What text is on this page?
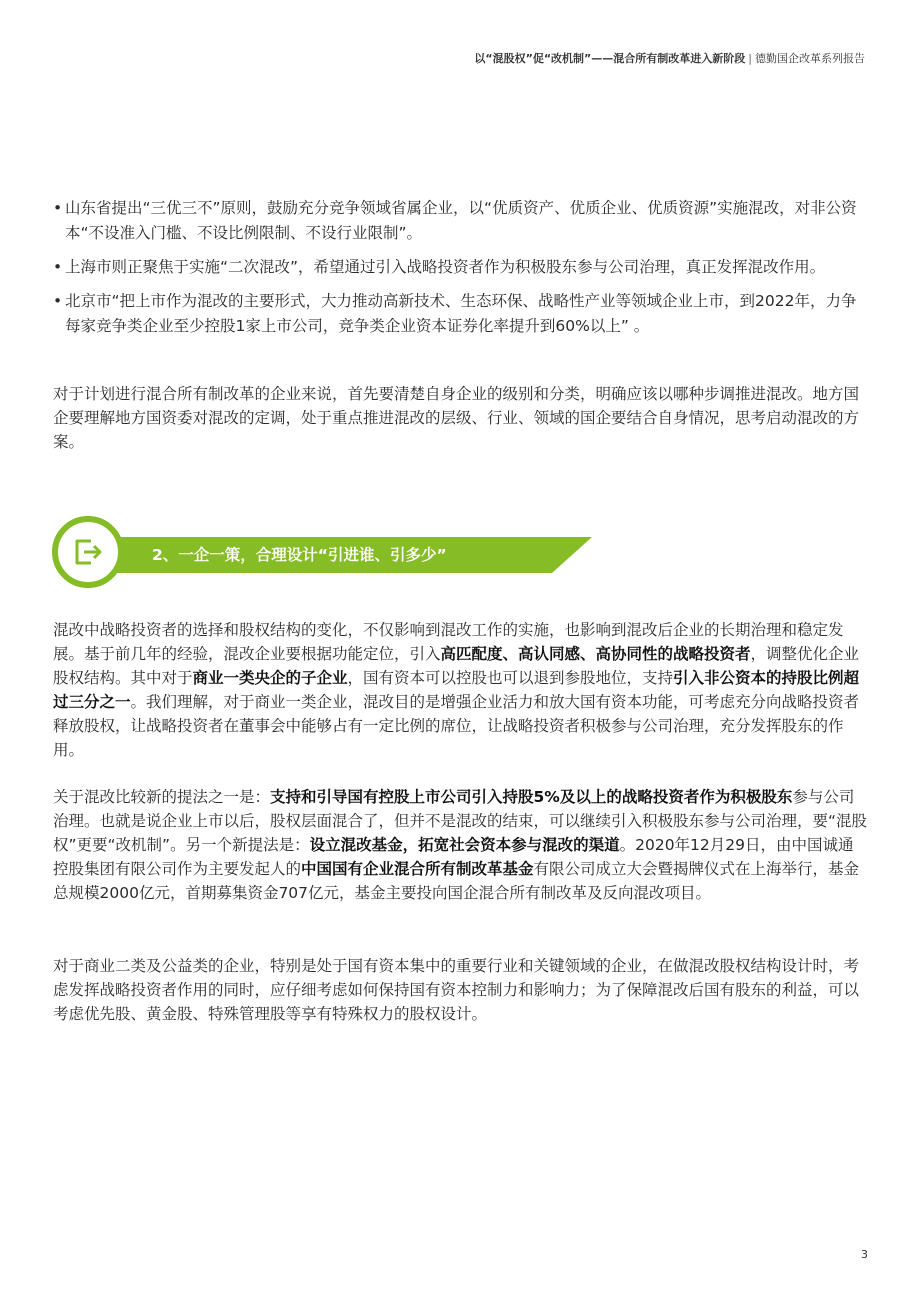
以“混股权”促“改机制”——混合所有制改革进入新阶段 | 德勤国企改革系列报告
• 山东省提出“三优三不”原则，鼓励充分竞争领域省属企业，以“优质资产、优质企业、优质资源”实施混改，对非公资本“不设准入门槛、不设比例限制、不设行业限制”。
• 上海市则正聚焦于实施“二次混改”，希望通过引入战略投资者作为积极股东参与公司治理，真正发挥混改作用。
• 北京市“把上市作为混改的主要形式，大力推动高新技术、生态环保、战略性产业等领域企业上市，到2022年，力争每家竞争类企业至少控股1家上市公司，竞争类企业资本证券化率提升到60%以上” 。

对于计划进行混合所有制改革的企业来说，首先要清楚自身企业的级别和分类，明确应该以哪种步调推进混改。地方国企要理解地方国资委对混改的定调，处于重点推进混改的层级、行业、领域的国企要结合自身情况，思考启动混改的方案。

2、一企一策，合理设计“引进谁、引多少”

混改中战略投资者的选择和股权结构的变化，不仅影响到混改工作的实施，也影响到混改后企业的长期治理和稳定发展。基于前几年的经验，混改企业要根据功能定位，引入高匹配度、高认同感、高协同性的战略投资者，调整优化企业股权结构。其中对于商业一类央企的子企业，国有资本可以控股也可以退到参股地位，支持引入非公资本的持股比例超过三分之一。我们理解，对于商业一类企业，混改目的是增强企业活力和放大国有资本功能，可考虑充分向战略投资者释放股权，让战略投资者在董事会中能够占有一定比例的席位，让战略投资者积极参与公司治理，充分发挥股东的作用。

关于混改比较新的提法之一是：支持和引导国有控股上市公司引入持股5%及以上的战略投资者作为积极股东参与公司治理。也就是说企业上市以后，股权层面混合了，但并不是混改的结束，可以继续引入积极股东参与公司治理，要“混股权”更要“改机制”。另一个新提法是：设立混改基金，拓宽社会资本参与混改的渠道。2020年12月29日，由中国诚通控股集团有限公司作为主要发起人的中国国有企业混合所有制改革基金有限公司成立大会暨揭牌仪式在上海举行，基金总规模2000亿元，首期募集资金707亿元，基金主要投向国企混合所有制改革及反向混改项目。

对于商业二类及公益类的企业，特别是处于国有资本集中的重要行业和关键领域的企业，在做混改股权结构设计时，考虑发挥战略投资者作用的同时，应仔细考虑如何保持国有资本控制力和影响力；为了保障混改后国有股东的利益，可以考虑优先股、黄金股、特殊管理股等享有特殊权力的股权设计。

3
